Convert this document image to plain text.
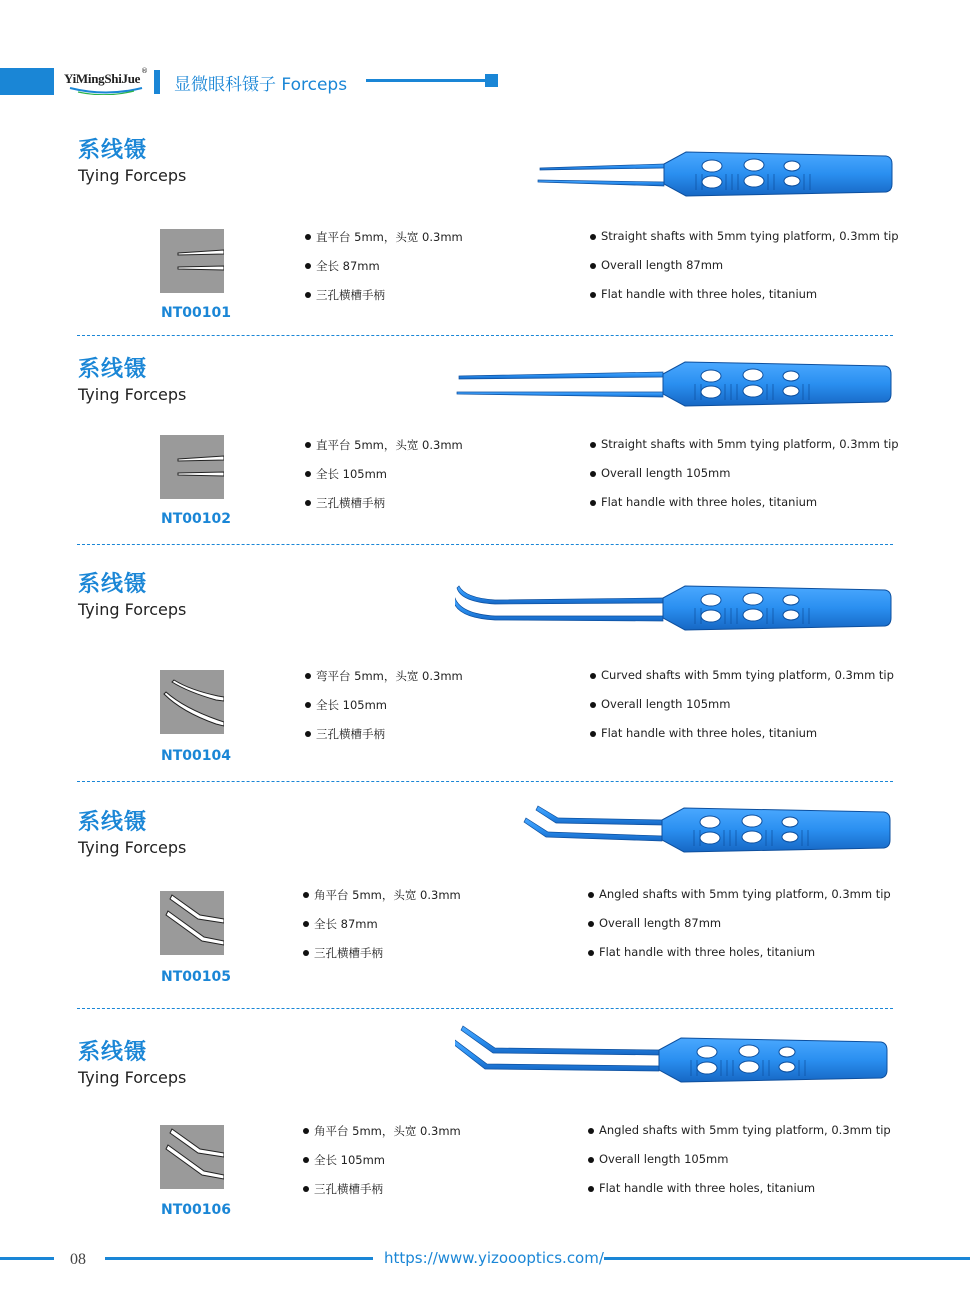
YiMingShiJue ®
显微眼科镊子 Forceps
系线镊
Tying Forceps
NT00101
直平台 5mm，头宽 0.3mm
全长 87mm
三孔横槽手柄
Straight shafts with 5mm tying platform, 0.3mm tip
Overall length 87mm
Flat handle with three holes, titanium
系线镊
Tying Forceps
NT00102
直平台 5mm，头宽 0.3mm
全长 105mm
三孔横槽手柄
Straight shafts with 5mm tying platform, 0.3mm tip
Overall length 105mm
Flat handle with three holes, titanium
系线镊
Tying Forceps
NT00104
弯平台 5mm，头宽 0.3mm
全长 105mm
三孔横槽手柄
Curved shafts with 5mm tying platform, 0.3mm tip
Overall length 105mm
Flat handle with three holes, titanium
系线镊
Tying Forceps
NT00105
角平台 5mm，头宽 0.3mm
全长 87mm
三孔横槽手柄
Angled shafts with 5mm tying platform, 0.3mm tip
Overall length 87mm
Flat handle with three holes, titanium
系线镊
Tying Forceps
NT00106
角平台 5mm，头宽 0.3mm
全长 105mm
三孔横槽手柄
Angled shafts with 5mm tying platform, 0.3mm tip
Overall length 105mm
Flat handle with three holes, titanium
08	https://www.yizoooptics.com/
